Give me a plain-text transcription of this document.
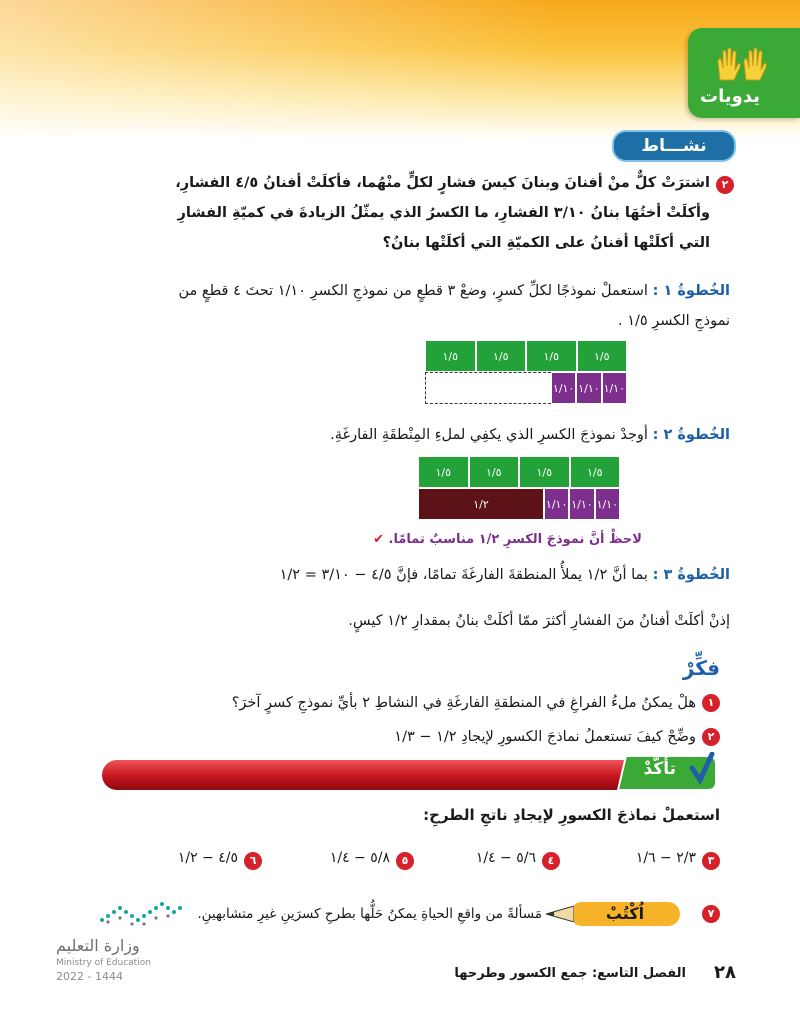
يدويات
نشـــاط
٢
اشترَتْ كلٌّ منْ أفنانَ وبنانَ كيسَ فشارٍ لكلٍّ منْهُما، فأكلَتْ أفنانُ ٤/٥ الفشارِ، وأكلَتْ أختُهَا بنانُ ٣/١٠ الفشارِ، ما الكسرُ الذي يمثّلُ الزيادةَ في كميّةِ الفشارِ التي أكلَتْها أفنانُ على الكميّةِ التي أكلَتْها بنانُ؟
الخُطوةُ ١ : استعملْ نموذجًا لكلِّ كسرٍ، وضعْ ٣ قطعٍ من نموذجِ الكسرِ ١/١٠ تحتَ ٤ قطعٍ من نموذجِ الكسرِ ١/٥ .
١/٥	١/٥	١/٥	١/٥
١/١٠ ١/١٠ ١/١٠
الخُطوةُ ٢ : أوجدْ نموذجَ الكسرِ الذي يكفِي لملءِ المِنْطقَةِ الفارغَةِ.
١/٥	١/٥	١/٥	١/٥
١/٢	١/١٠ ١/١٠ ١/١٠
لاحظْ أنَّ نموذجَ الكسرِ ١/٢ مناسبٌ تمامًا. ✔
الخُطوةُ ٣ : بما أنَّ ١/٢ يملأُ المنطقةَ الفارغَةَ تمامًا، فإنَّ ٤/٥ − ٣/١٠ = ١/٢
إذنْ أكلَتْ أفنانُ منَ الفشارِ أكثرَ ممّا أكلَتْ بنانُ بمقدارِ ١/٢ كيسٍ.
فكِّرْ
١
هلْ يمكنُ ملءُ الفراغِ في المنطقةِ الفارغَةِ في النشاطِ ٢ بأيِّ نموذجِ كسرٍ آخرَ؟
٢
وضِّحْ كيفَ تستعملُ نماذجَ الكسورِ لإيجادِ ١/٢ − ١/٣
تأكَّدْ
استعملْ نماذجَ الكسورِ لإيجادِ ناتجِ الطرحِ:
٣
٢/٣ − ١/٦
٤
٥/٦ − ١/٤
٥
٥/٨ − ١/٤
٦
٤/٥ − ١/٢
٧
اُكْتُبْ
مَسألةً من واقعِ الحياةِ يمكنُ حَلُّها بطرحِ كسرَينِ غيرِ متشابهينِ.
وزارة التعليم
Ministry of Education
2022 - 1444	الفصل التاسع: جمع الكسور وطرحها	٢٨
